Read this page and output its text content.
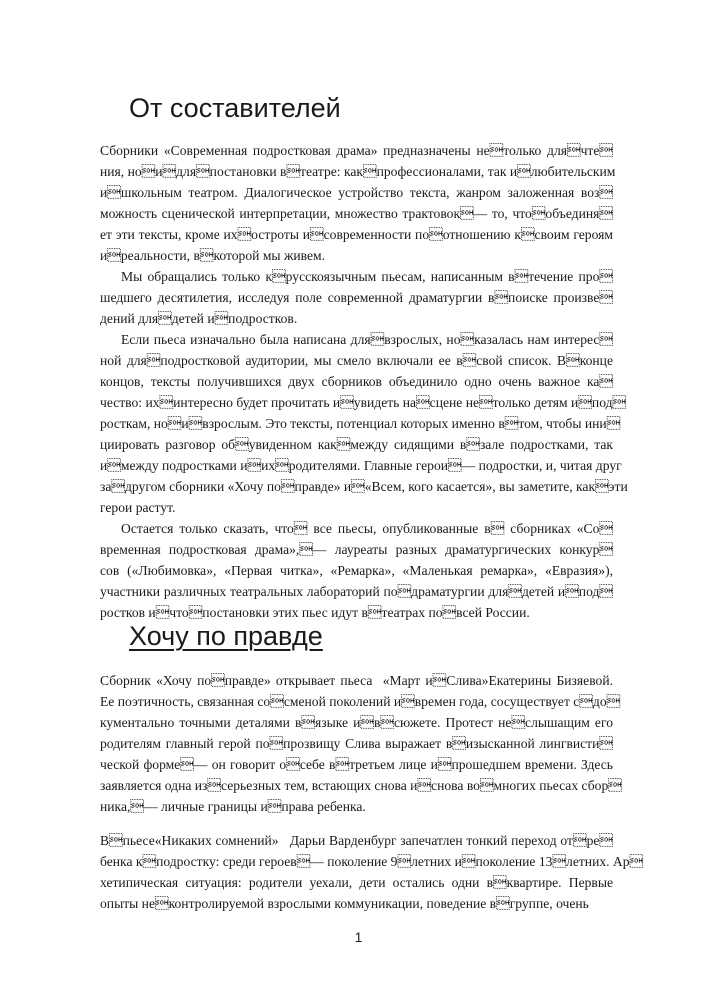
От составителей

Сборники «Современная подростковая драма» предназначены нетолько длячте

ния, ноидляпостановки втеатре: какпрофессионалами, так илюбительским

ишкольным театром. Диалогическое устройство текста, жанром заложенная воз

можность сценической интерпретации, множество трактовок— то, чтообъединя

ет эти тексты, кроме ихостроты исовременности поотношению ксвоим героям

иреальности, вкоторой мы живем.

Мы обращались только крусскоязычным пьесам, написанным втечение про

шедшего десятилетия, исследуя поле современной драматургии впоиске произве

дений длядетей иподростков.

Если пьеса изначально была написана длявзрослых, ноказалась нам интерес

ной дляподростковой аудитории, мы смело включали ее всвой список. Вконце

концов, тексты получившихся двух сборников объединило одно очень важное ка

чество: ихинтересно будет прочитать иувидеть насцене нетолько детям ипод

росткам, ноивзрослым. Это тексты, потенциал которых именно втом, чтобы ини

циировать разговор обувиденном какмежду сидящими взале подростками, так

имежду подростками иихродителями. Главные герои— подростки, и, читая друг

задругом сборники «Хочу поправде» и«Всем, кого касается», вы заметите, какэти

герои растут.

Остается только сказать, что все пьесы, опубликованные в сборниках «Со

временная подростковая драма»,— лауреаты разных драматургических конкур

сов («Любимовка», «Первая читка», «Ремарка», «Маленькая ремарка», «Евразия»),

участники различных театральных лабораторий подраматургии длядетей ипод

ростков ичтопостановки этих пьес идут втеатрах повсей России.

Хочу по правде

Сборник «Хочу поправде» открывает пьеса  «Март иСлива»Екатерины Бизяевой.

Ее поэтичность, связанная сосменой поколений ивремен года, сосуществует сдо

кументально точными деталями вязыке ивсюжете. Протест неслышащим его

родителям главный герой попрозвищу Слива выражает визысканной лингвисти

ческой форме— он говорит осебе втретьем лице ипрошедшем времени. Здесь

заявляется одна изсерьезных тем, встающих снова иснова вомногих пьесах сбор

ника,— личные границы иправа ребенка.

Впьесе«Никаких сомнений»   Дарьи Варденбург запечатлен тонкий переход отре

бенка кподростку: среди героев— поколение 9летних ипоколение 13летних. Ар

хетипическая ситуация: родители уехали, дети остались одни вквартире. Первые

опыты неконтролируемой взрослыми коммуникации, поведение вгруппе, очень

1
